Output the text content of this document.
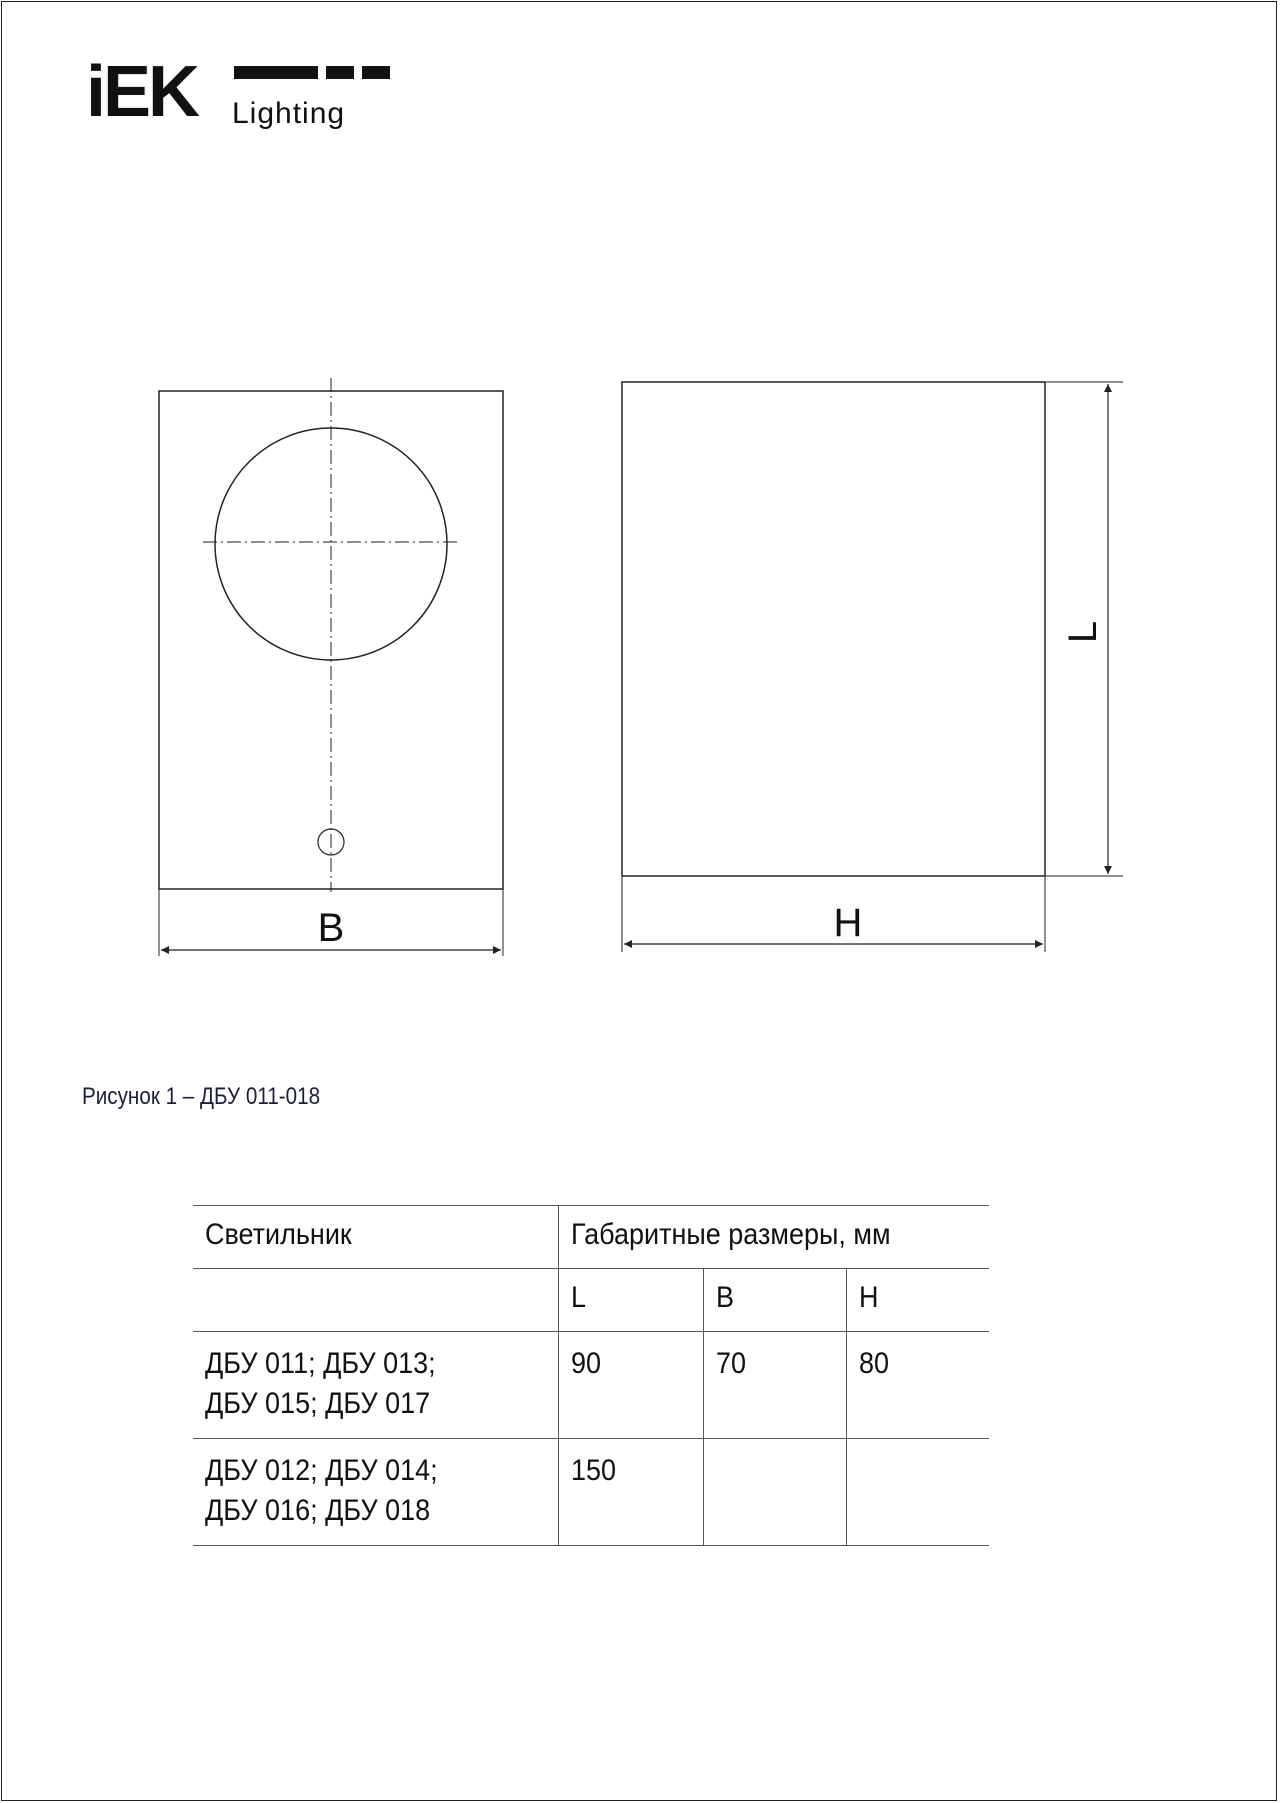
iEK Lighting
B	H
L
Рисунок 1 – ДБУ 011-018
Светильник	Габаритные размеры, мм		
	L	B	H

ДБУ 011; ДБУ 013;
ДБУ 015; ДБУ 017	90	70	80

ДБУ 012; ДБУ 014;
ДБУ 016; ДБУ 018	150		
